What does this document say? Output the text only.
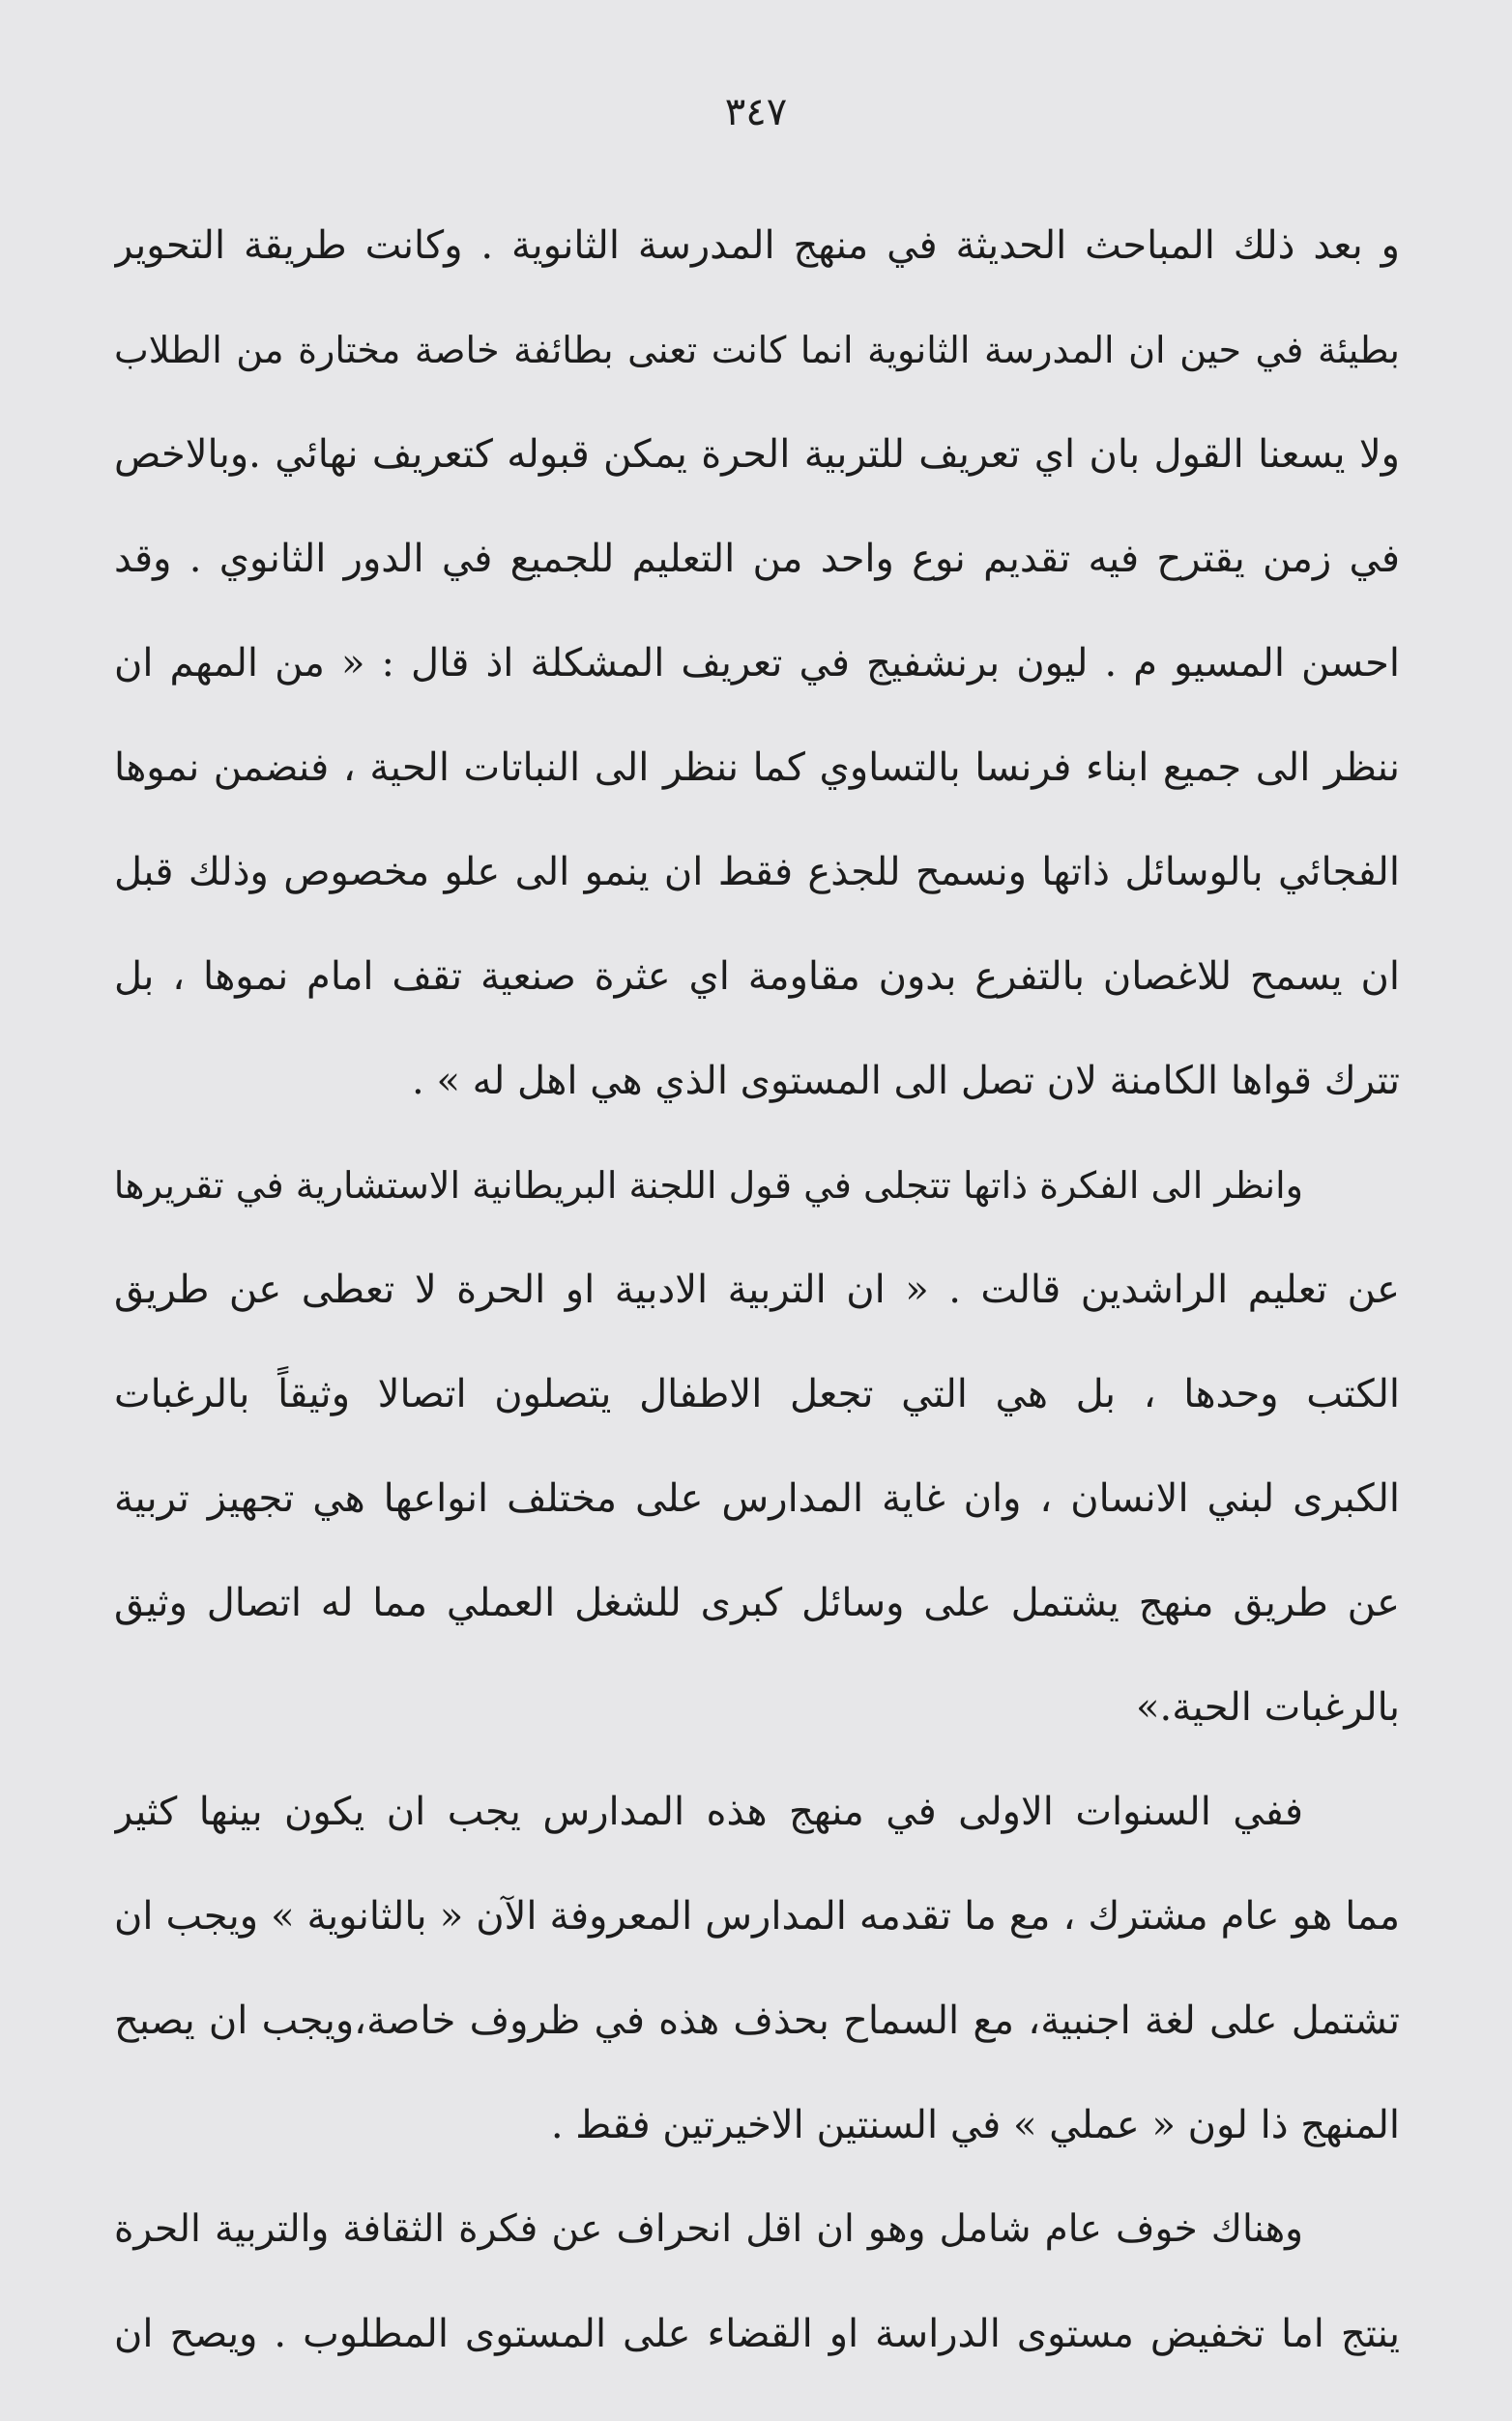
٣٤٧
و بعد ذلك المباحث الحديثة في منهج المدرسة الثانوية . وكانت طريقة التحوير
بطيئة في حين ان المدرسة الثانوية انما كانت تعنى بطائفة خاصة مختارة من الطلاب
ولا يسعنا القول بان اي تعريف للتربية الحرة يمكن قبوله كتعريف نهائي .وبالاخص
في زمن يقترح فيه تقديم نوع واحد من التعليم للجميع في الدور الثانوي . وقد
احسن المسيو م . ليون برنشفيج في تعريف المشكلة اذ قال : « من المهم ان
ننظر الى جميع ابناء فرنسا بالتساوي كما ننظر الى النباتات الحية ، فنضمن نموها
الفجائي بالوسائل ذاتها ونسمح للجذع فقط ان ينمو الى علو مخصوص وذلك قبل
ان يسمح للاغصان بالتفرع بدون مقاومة اي عثرة صنعية تقف امام نموها ، بل
تترك قواها الكامنة لان تصل الى المستوى الذي هي اهل له » .
وانظر الى الفكرة ذاتها تتجلى في قول اللجنة البريطانية الاستشارية في تقريرها
عن تعليم الراشدين قالت . « ان التربية الادبية او الحرة لا تعطى عن طريق
الكتب وحدها ، بل هي التي تجعل الاطفال يتصلون اتصالا وثيقاً بالرغبات
الكبرى لبني الانسان ، وان غاية المدارس على مختلف انواعها هي تجهيز تربية
عن طريق منهج يشتمل على وسائل كبرى للشغل العملي مما له اتصال وثيق
بالرغبات الحية.»
ففي السنوات الاولى في منهج هذه المدارس يجب ان يكون بينها كثير
مما هو عام مشترك ، مع ما تقدمه المدارس المعروفة الآن « بالثانوية » ويجب ان
تشتمل على لغة اجنبية، مع السماح بحذف هذه في ظروف خاصة،ويجب ان يصبح
المنهج ذا لون « عملي » في السنتين الاخيرتين فقط .
وهناك خوف عام شامل وهو ان اقل انحراف عن فكرة الثقافة والتربية الحرة
ينتج اما تخفيض مستوى الدراسة او القضاء على المستوى المطلوب . ويصح ان
